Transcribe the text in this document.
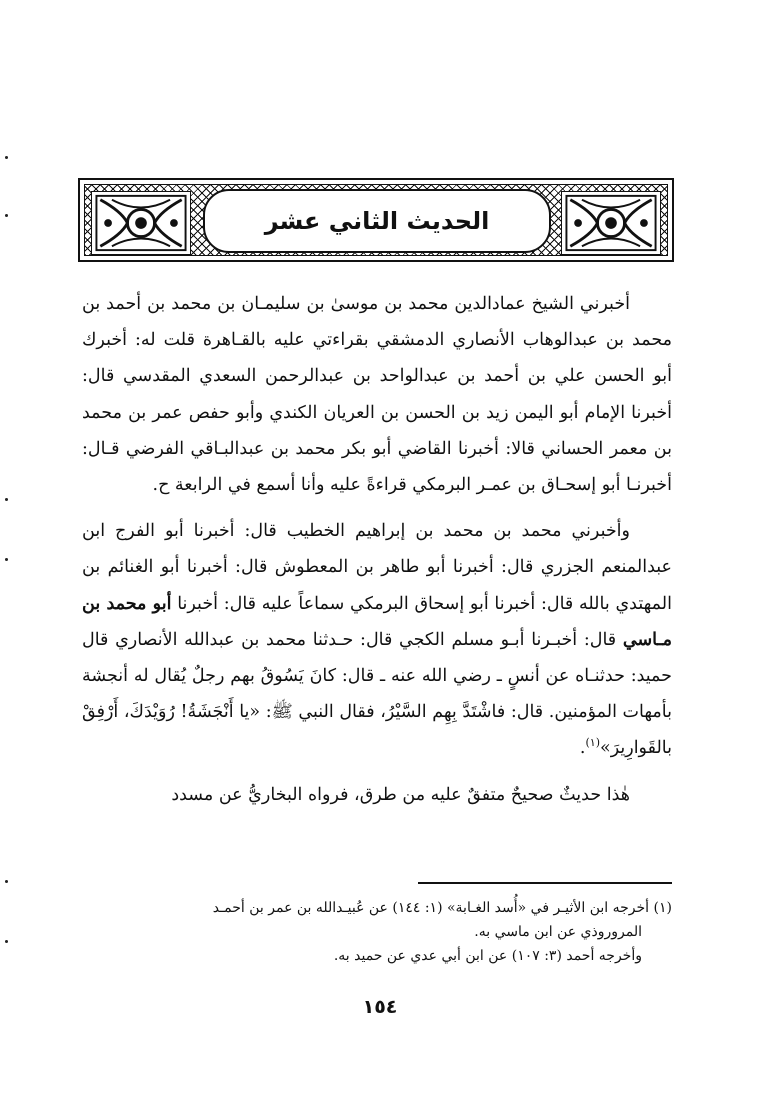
الحديث الثاني عشر

أخبرني الشيخ عمادالدين محمد بن موسىٰ بن سليمـان بن محمد بن أحمد بن محمد بن عبدالوهاب الأنصاري الدمشقي بقراءتي عليه بالقـاهرة قلت له: أخبرك أبو الحسن علي بن أحمد بن عبدالواحد بن عبدالرحمن السعدي المقدسي قال: أخبرنا الإمام أبو اليمن زيد بن الحسن بن العريان الكندي وأبو حفص عمر بن محمد بن معمر الحساني قالا: أخبرنا القاضي أبو بكر محمد بن عبدالبـاقي الفرضي قـال: أخبرنـا أبو إسحـاق بن عمـر البرمكي قراءةً عليه وأنا أسمع في الرابعة ح.

وأخبرني محمد بن محمد بن إبراهيم الخطيب قال: أخبرنا أبو الفرج ابن عبدالمنعم الجزري قال: أخبرنا أبو طاهر بن المعطوش قال: أخبرنا أبو الغنائم بن المهتدي بالله قال: أخبرنا أبو إسحاق البرمكي سماعاً عليه قال: أخبرنا أبو محمد بن مـاسي قال: أخبـرنا أبـو مسلم الكجي قال: حـدثنا محمد بن عبدالله الأنصاري قال حميد: حدثنـاه عن أنسٍ ـ رضي الله عنه ـ قال: كانَ يَسُوقُ بهم رجلٌ يُقال له أنجشة بأمهات المؤمنين. قال: فاشْتَدَّ بِهِم السَّيْرُ، فقال النبي ﷺ: «يا أَنْجَشَةُ! رُوَيْدَكَ، أَرْفِقْ بالقَوارِيرَ»$^{(١)}$.

هٰذا حديثٌ صحيحٌ متفقٌ عليه من طرق، فرواه البخاريُّ عن مسدد

(١) أخرجه ابن الأثيـر في «أُسد الغـابة» (١: ١٤٤) عن عُبيـدالله بن عمر بن أحمـد

المروروذي عن ابن ماسي به.

وأخرجه أحمد (٣: ١٠٧) عن ابن أبي عدي عن حميد به.

١٥٤
